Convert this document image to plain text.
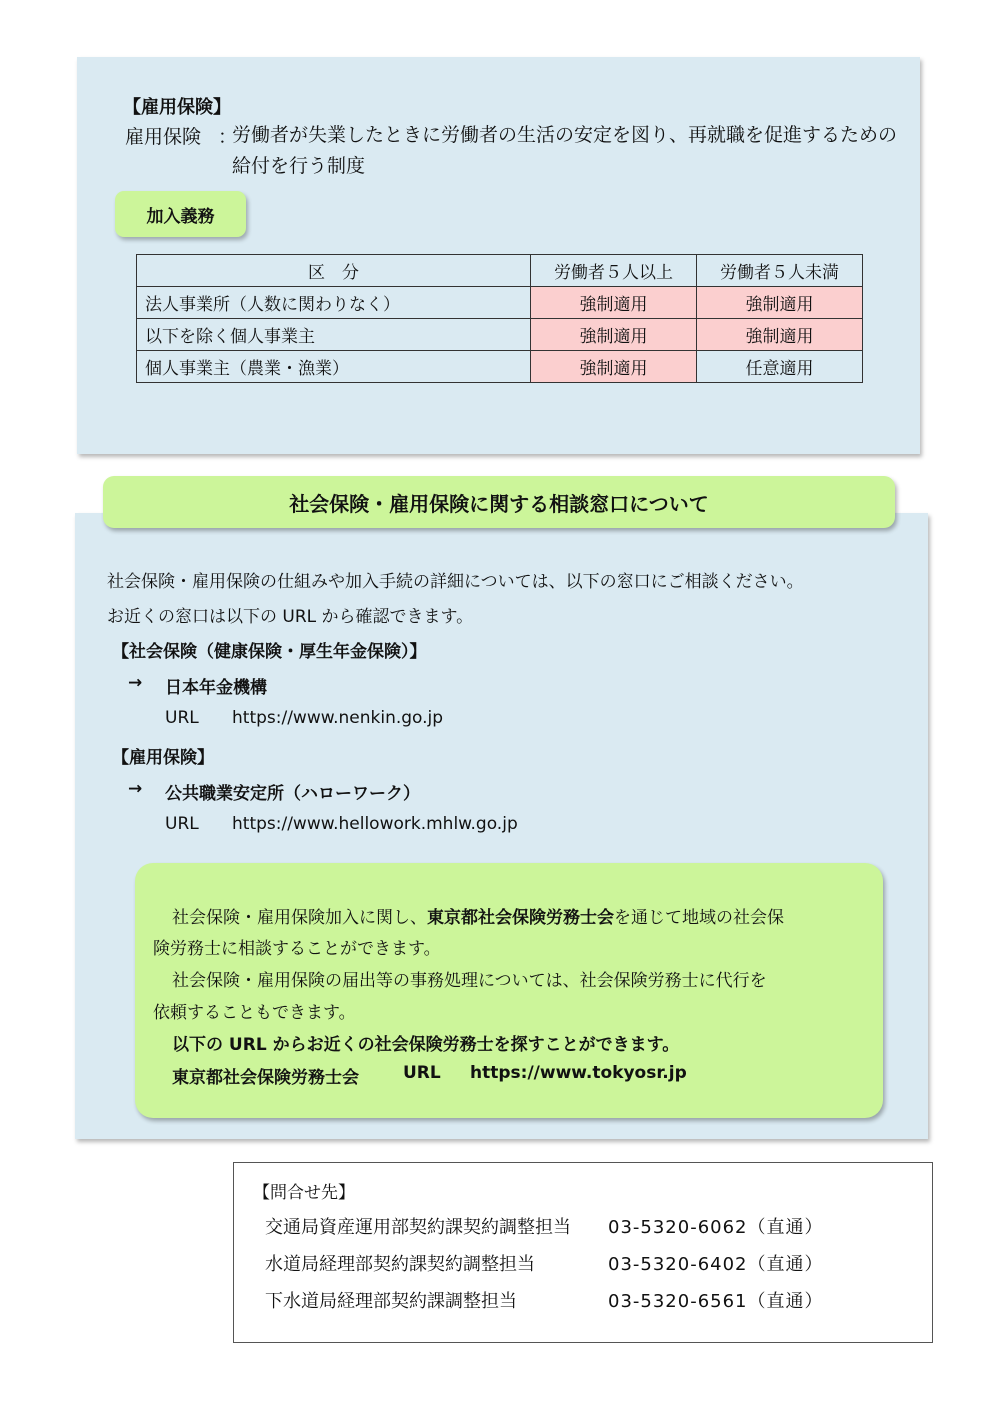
【雇用保険】
雇用保険 ：
労働者が失業したときに労働者の生活の安定を図り、再就職を促進するための給付を行う制度
加入義務
区　分	労働者５人以上	労働者５人未満
法人事業所（人数に関わりなく）	強制適用	強制適用
以下を除く個人事業主	強制適用	強制適用
個人事業主（農業・漁業）	強制適用	任意適用
社会保険・雇用保険に関する相談窓口について
社会保険・雇用保険の仕組みや加入手続の詳細については、以下の窓口にご相談ください。
お近くの窓口は以下の URL から確認できます。
【社会保険（健康保険・厚生年金保険）】
→ 日本年金機構
URL https://www.nenkin.go.jp
【雇用保険】
→ 公共職業安定所（ハローワーク）
URL https://www.hellowork.mhlw.go.jp
社会保険・雇用保険加入に関し、東京都社会保険労務士会を通じて地域の社会保
険労務士に相談することができます。
社会保険・雇用保険の届出等の事務処理については、社会保険労務士に代行を
依頼することもできます。
以下の URL からお近くの社会保険労務士を探すことができます。
東京都社会保険労務士会	URL https://www.tokyosr.jp
【問合せ先】
交通局資産運用部契約課契約調整担当 03-5320-6062（直通）
水道局経理部契約課契約調整担当	03-5320-6402（直通）
下水道局経理部契約課調整担当	03-5320-6561（直通）
